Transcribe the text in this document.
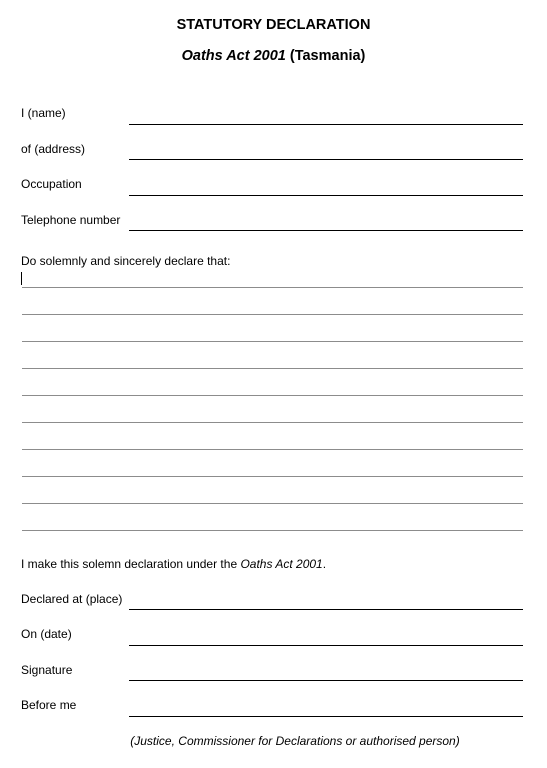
STATUTORY DECLARATION
Oaths Act 2001 (Tasmania)
I (name)
of (address)
Occupation
Telephone number
Do solemnly and sincerely declare that:
I make this solemn declaration under the Oaths Act 2001.
Declared at (place)
On (date)
Signature
Before me
(Justice, Commissioner for Declarations or authorised person)
